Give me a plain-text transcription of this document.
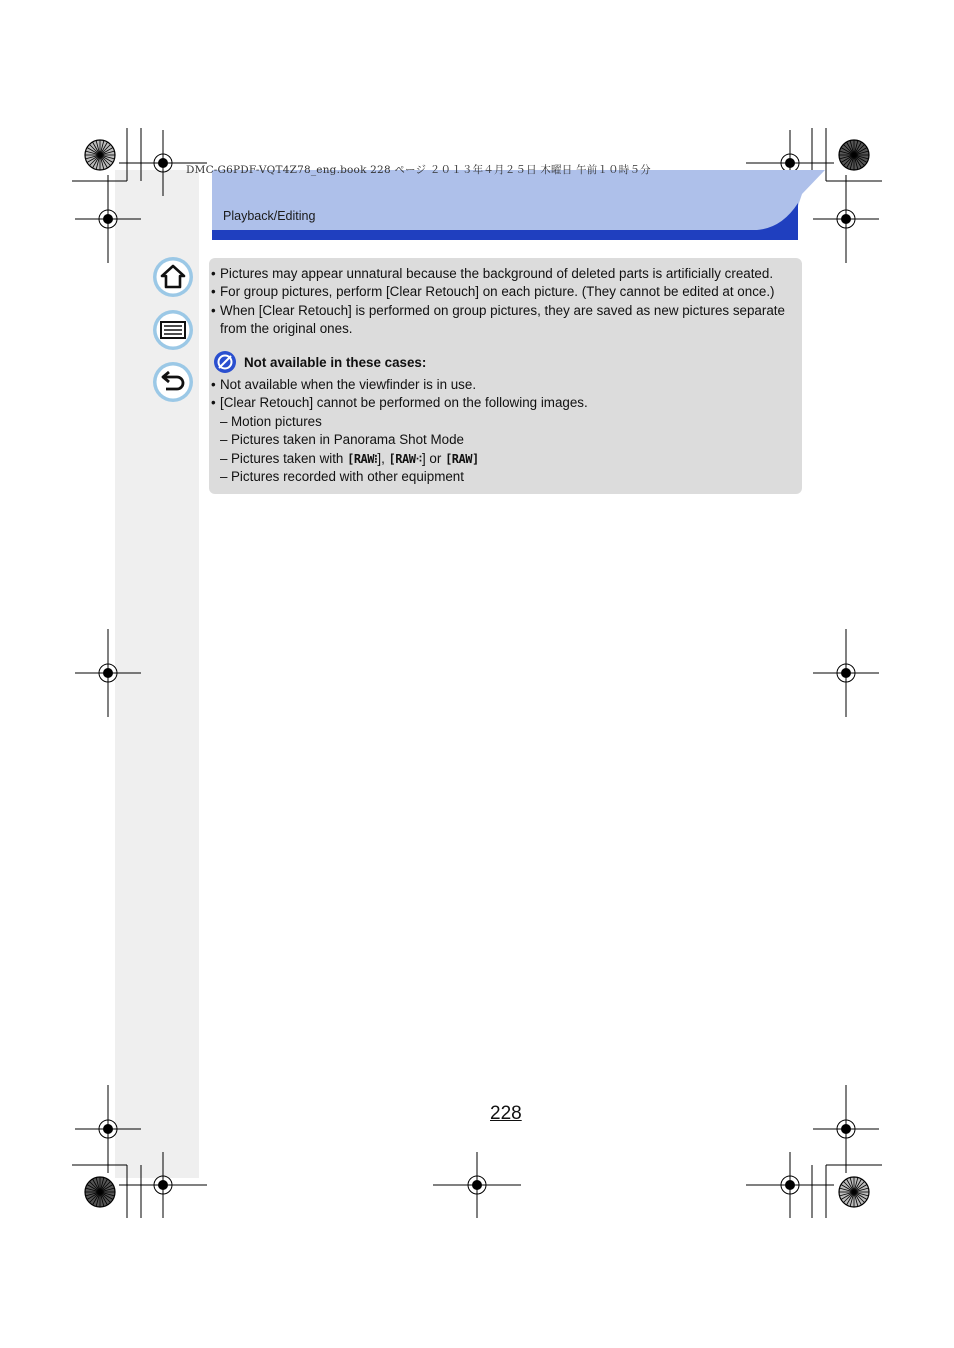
Playback/Editing
DMC-G6PDF-VQT4Z78_eng.book 228 ページ ２０１３年４月２５日 木曜日 午前１０時５分
• Pictures may appear unnatural because the background of deleted parts is artificially created.
• For group pictures, perform [Clear Retouch] on each picture. (They cannot be edited at once.)
• When [Clear Retouch] is performed on group pictures, they are saved as new pictures separate
from the original ones.
Not available in these cases:
• Not available when the viewfinder is in use.
• [Clear Retouch] cannot be performed on the following images.
– Motion pictures
– Pictures taken in Panorama Shot Mode
– Pictures taken with [RAW⁝], [RAW⁖] or [RAW]
– Pictures recorded with other equipment
228
